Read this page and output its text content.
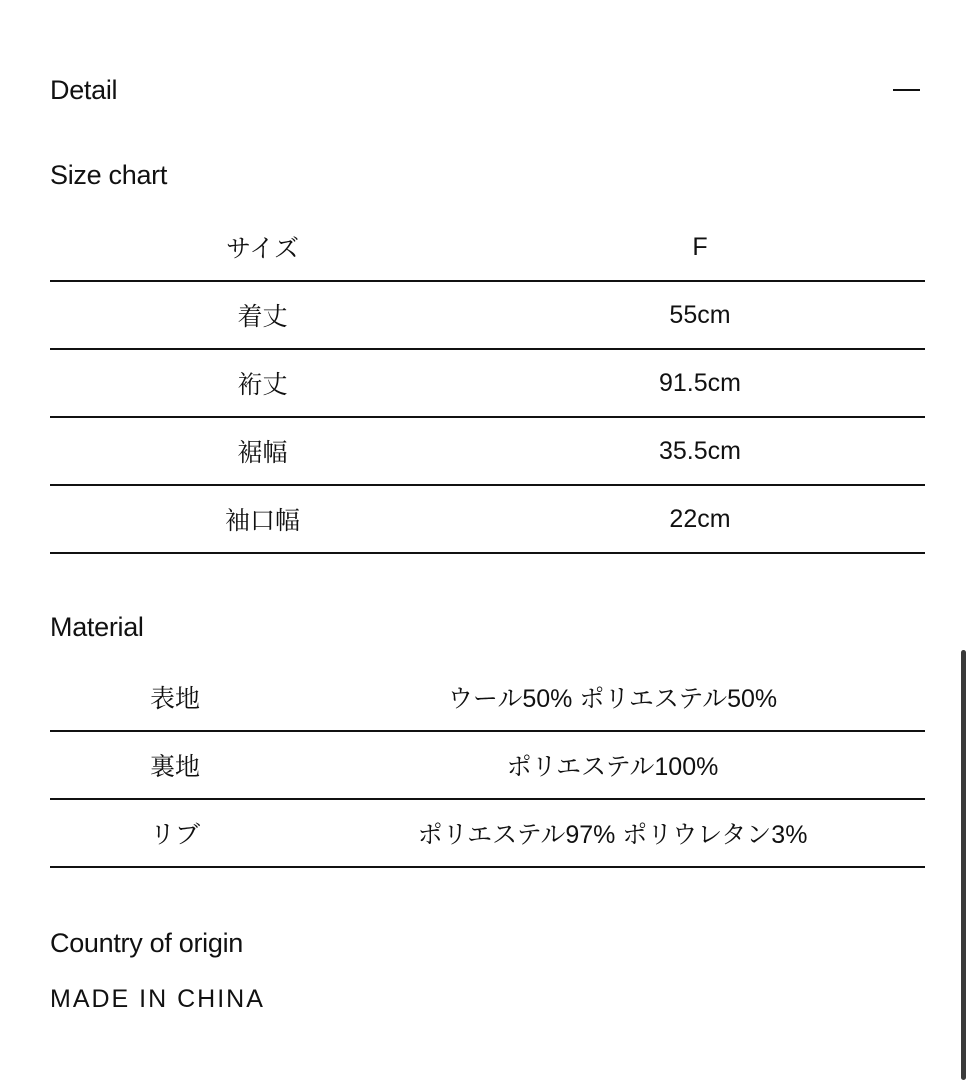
Detail
Size chart
サイズ	F
着丈	55cm
裄丈	91.5cm
裾幅	35.5cm
袖口幅	22cm
Material
表地	ウール50% ポリエステル50%
裏地	ポリエステル100%
リブ	ポリエステル97% ポリウレタン3%
Country of origin
MADE IN CHINA
